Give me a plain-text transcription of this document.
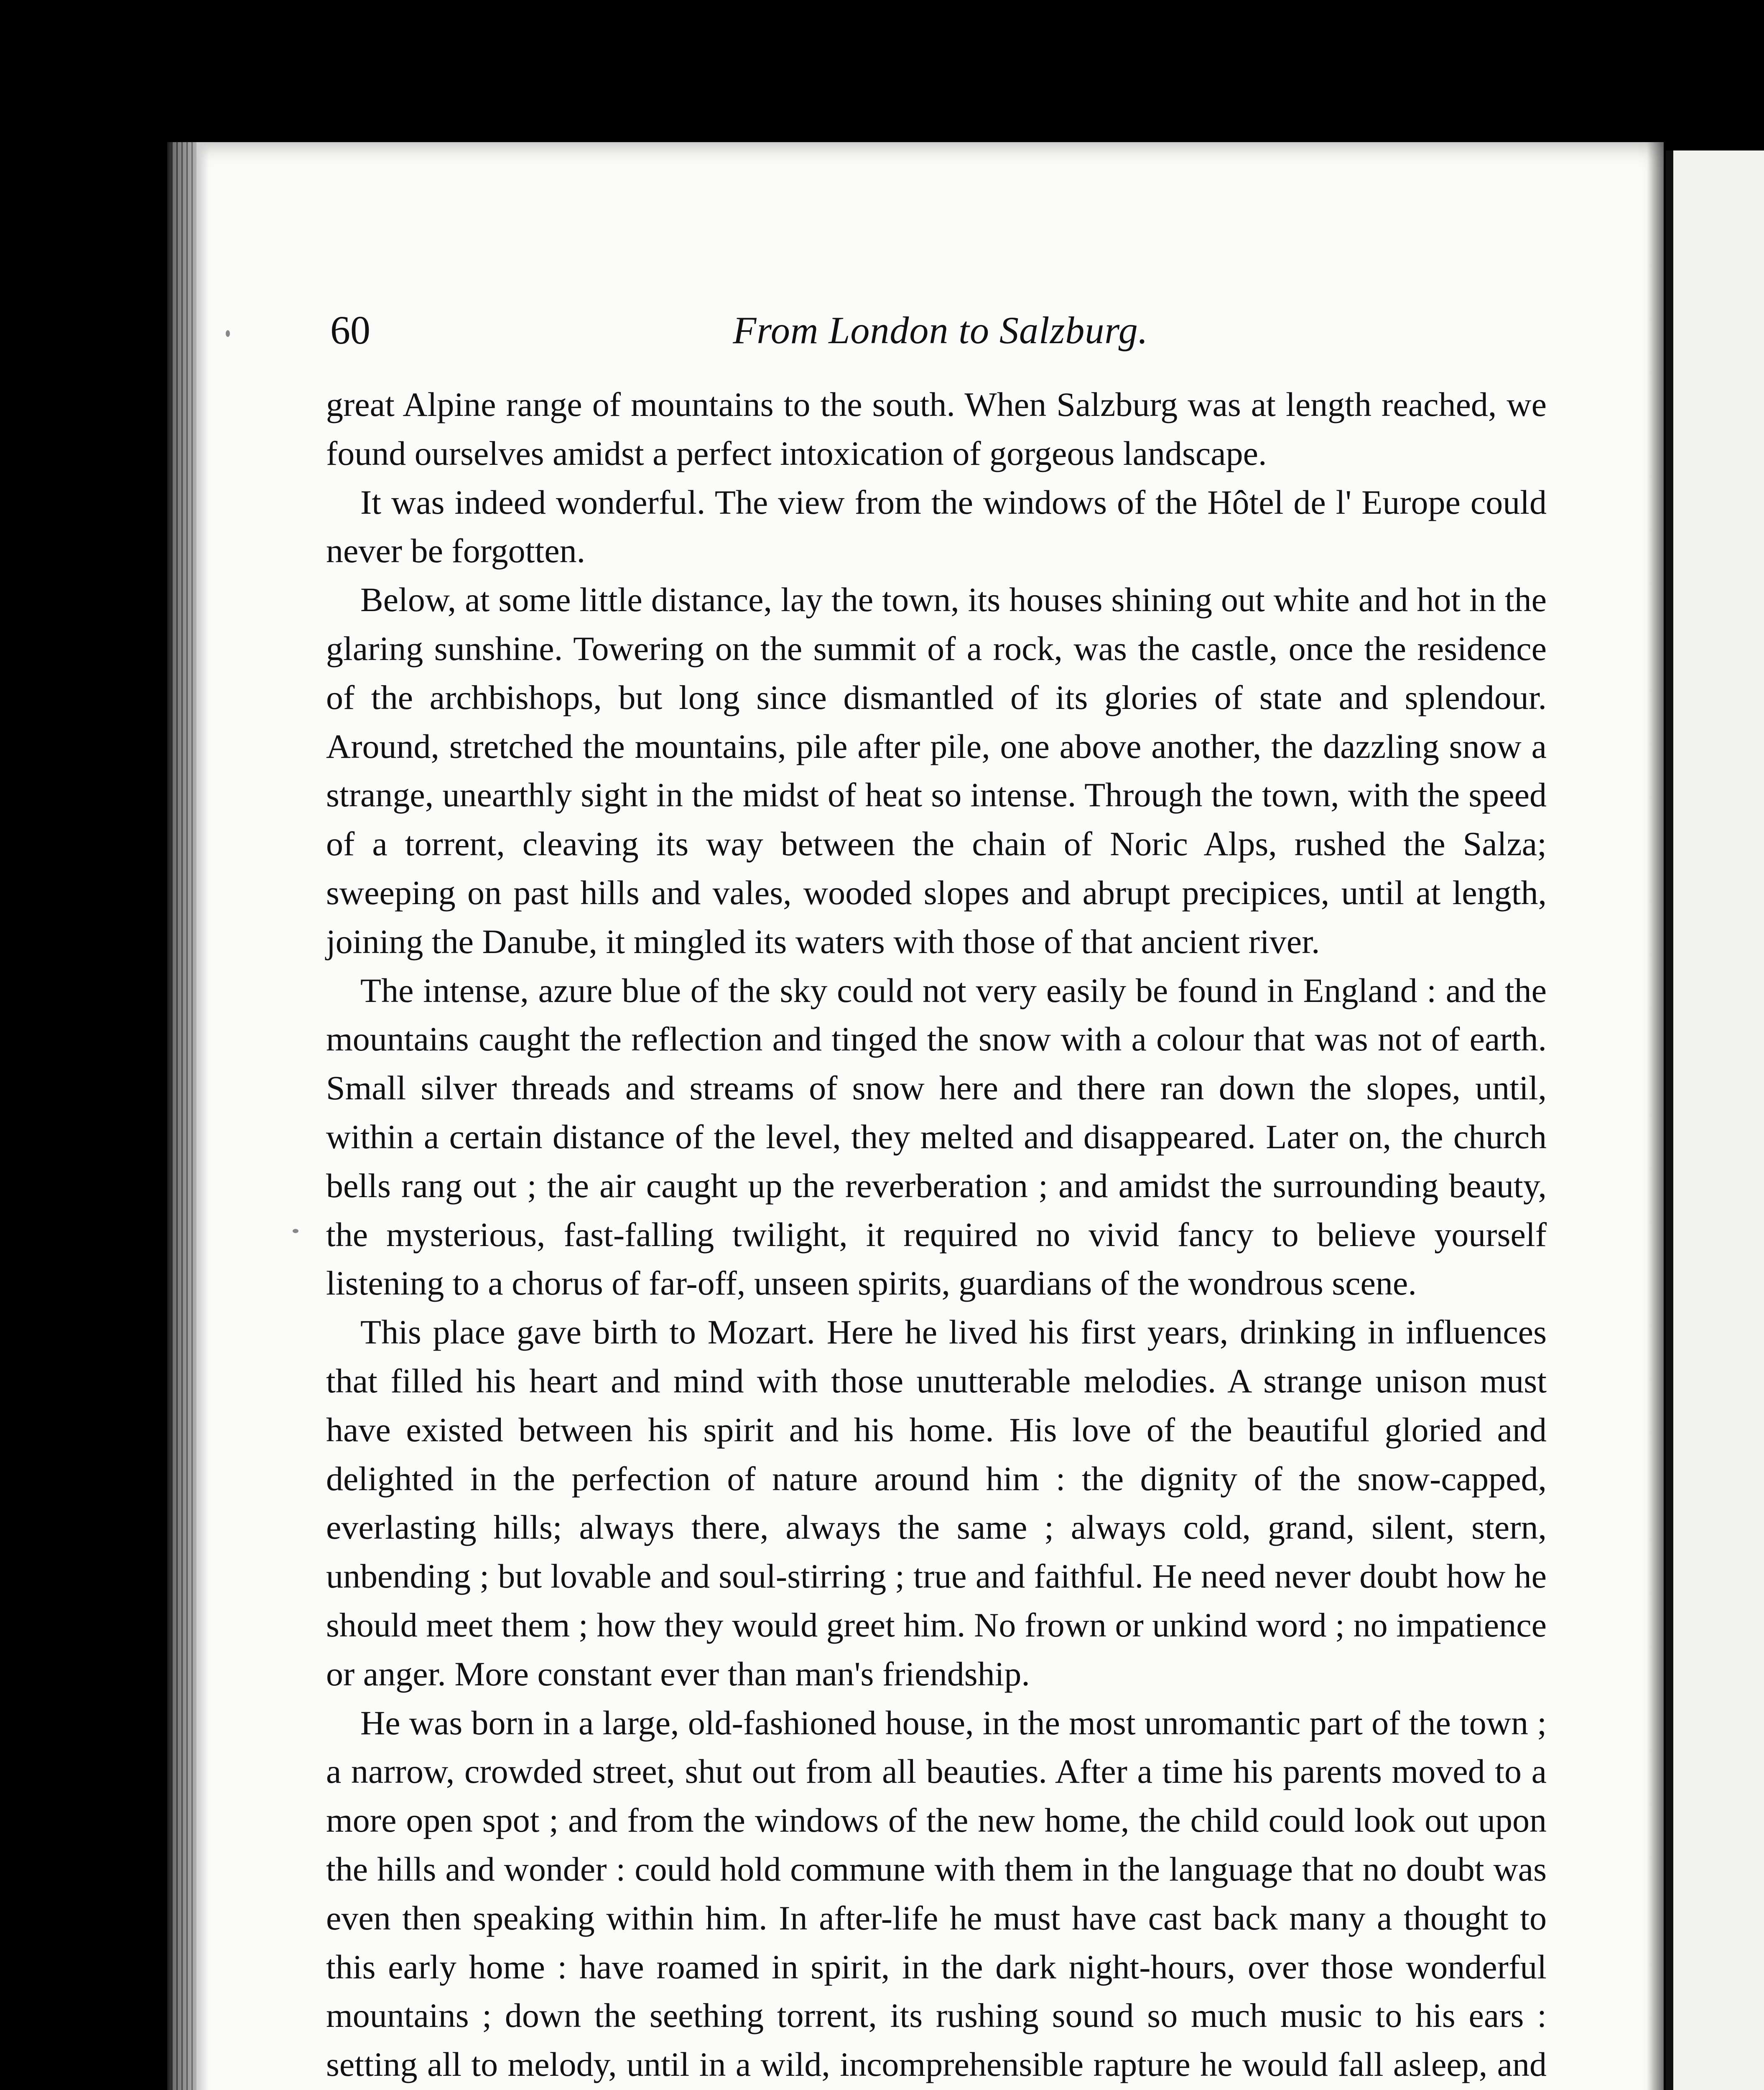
60	From London to Salzburg.

great Alpine range of mountains to the south. When Salzburg was at length reached, we found ourselves amidst a perfect intoxication of gorgeous landscape.

It was indeed wonderful. The view from the windows of the Hôtel de l' Europe could never be forgotten.

Below, at some little distance, lay the town, its houses shining out white and hot in the glaring sunshine. Towering on the summit of a rock, was the castle, once the residence of the archbishops, but long since dismantled of its glories of state and splendour. Around, stretched the mountains, pile after pile, one above another, the dazzling snow a strange, unearthly sight in the midst of heat so intense. Through the town, with the speed of a torrent, cleaving its way between the chain of Noric Alps, rushed the Salza; sweeping on past hills and vales, wooded slopes and abrupt precipices, until at length, joining the Danube, it mingled its waters with those of that ancient river.

The intense, azure blue of the sky could not very easily be found in England : and the mountains caught the reflection and tinged the snow with a colour that was not of earth. Small silver threads and streams of snow here and there ran down the slopes, until, within a certain distance of the level, they melted and disappeared. Later on, the church bells rang out ; the air caught up the reverberation ; and amidst the surrounding beauty, the mysterious, fast-falling twilight, it required no vivid fancy to believe yourself listening to a chorus of far-off, unseen spirits, guardians of the wondrous scene.

This place gave birth to Mozart. Here he lived his first years, drinking in influences that filled his heart and mind with those unutterable melodies. A strange unison must have existed between his spirit and his home. His love of the beautiful gloried and delighted in the perfection of nature around him : the dignity of the snow-capped, everlasting hills; always there, always the same ; always cold, grand, silent, stern, unbending ; but lovable and soul-stirring ; true and faithful. He need never doubt how he should meet them ; how they would greet him. No frown or unkind word ; no impatience or anger. More constant ever than man's friendship.

He was born in a large, old-fashioned house, in the most unromantic part of the town ; a narrow, crowded street, shut out from all beauties. After a time his parents moved to a more open spot ; and from the windows of the new home, the child could look out upon the hills and wonder : could hold commune with them in the language that no doubt was even then speaking within him. In after-life he must have cast back many a thought to this early home : have roamed in spirit, in the dark night-hours, over those wonderful mountains ; down the seething torrent, its rushing sound so much music to his ears : setting all to melody, until in a wild, incomprehensible rapture he would fall asleep, and
